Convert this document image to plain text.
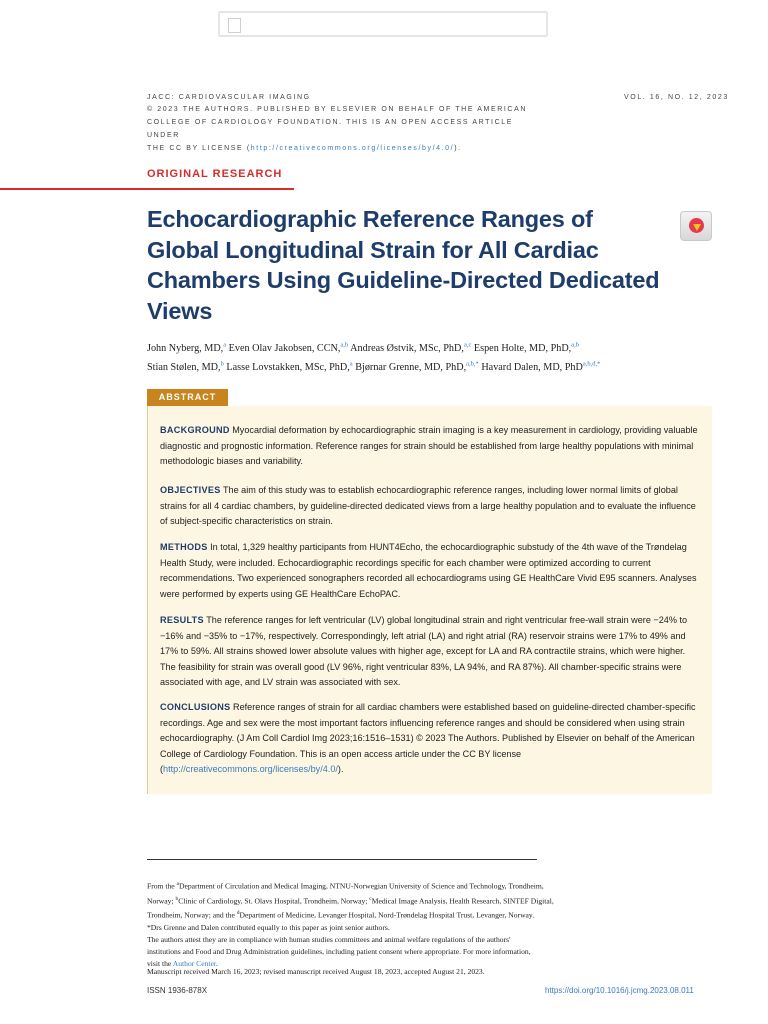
JACC: CARDIOVASCULAR IMAGING	VOL. 16, NO. 12, 2023
© 2023 THE AUTHORS. PUBLISHED BY ELSEVIER ON BEHALF OF THE AMERICAN
COLLEGE OF CARDIOLOGY FOUNDATION. THIS IS AN OPEN ACCESS ARTICLE UNDER
THE CC BY LICENSE (http://creativecommons.org/licenses/by/4.0/).
ORIGINAL RESEARCH
Echocardiographic Reference Ranges of Global Longitudinal Strain for All Cardiac Chambers Using Guideline-Directed Dedicated Views
John Nyberg, MD,$^a$ Even Olav Jakobsen, CCN,$^{a,b}$ Andreas Østvik, MSc, PhD,$^{a,c}$ Espen Holte, MD, PhD,$^{a,b}$
Stian Stølen, MD,$^b$ Lasse Lovstakken, MSc, PhD,$^a$ Bjørnar Grenne, MD, PhD,$^{a,b,*}$ Havard Dalen, MD, PhD$^{a,b,d,*}$
ABSTRACT
BACKGROUND Myocardial deformation by echocardiographic strain imaging is a key measurement in cardiology, providing valuable diagnostic and prognostic information. Reference ranges for strain should be established from large healthy populations with minimal methodologic biases and variability.
OBJECTIVES The aim of this study was to establish echocardiographic reference ranges, including lower normal limits of global strains for all 4 cardiac chambers, by guideline-directed dedicated views from a large healthy population and to evaluate the influence of subject-specific characteristics on strain.
METHODS In total, 1,329 healthy participants from HUNT4Echo, the echocardiographic substudy of the 4th wave of the Trøndelag Health Study, were included. Echocardiographic recordings specific for each chamber were optimized according to current recommendations. Two experienced sonographers recorded all echocardiograms using GE HealthCare Vivid E95 scanners. Analyses were performed by experts using GE HealthCare EchoPAC.
RESULTS The reference ranges for left ventricular (LV) global longitudinal strain and right ventricular free-wall strain were −24% to −16% and −35% to −17%, respectively. Correspondingly, left atrial (LA) and right atrial (RA) reservoir strains were 17% to 49% and 17% to 59%. All strains showed lower absolute values with higher age, except for LA and RA contractile strains, which were higher. The feasibility for strain was overall good (LV 96%, right ventricular 83%, LA 94%, and RA 87%). All chamber-specific strains were associated with age, and LV strain was associated with sex.
CONCLUSIONS Reference ranges of strain for all cardiac chambers were established based on guideline-directed chamber-specific recordings. Age and sex were the most important factors influencing reference ranges and should be considered when using strain echocardiography. (J Am Coll Cardiol Img 2023;16:1516–1531) © 2023 The Authors. Published by Elsevier on behalf of the American College of Cardiology Foundation. This is an open access article under the CC BY license (http://creativecommons.org/licenses/by/4.0/).
From the $^a$Department of Circulation and Medical Imaging, NTNU-Norwegian University of Science and Technology, Trondheim,
Norway; $^b$Clinic of Cardiology, St. Olavs Hospital, Trondheim, Norway; $^c$Medical Image Analysis, Health Research, SINTEF Digital,
Trondheim, Norway; and the $^d$Department of Medicine, Levanger Hospital, Nord-Trøndelag Hospital Trust, Levanger, Norway.
*Drs Grenne and Dalen contributed equally to this paper as joint senior authors.
The authors attest they are in compliance with human studies committees and animal welfare regulations of the authors'
institutions and Food and Drug Administration guidelines, including patient consent where appropriate. For more information,
visit the Author Center.
Manuscript received March 16, 2023; revised manuscript received August 18, 2023, accepted August 21, 2023.
ISSN 1936-878X	https://doi.org/10.1016/j.jcmg.2023.08.011
